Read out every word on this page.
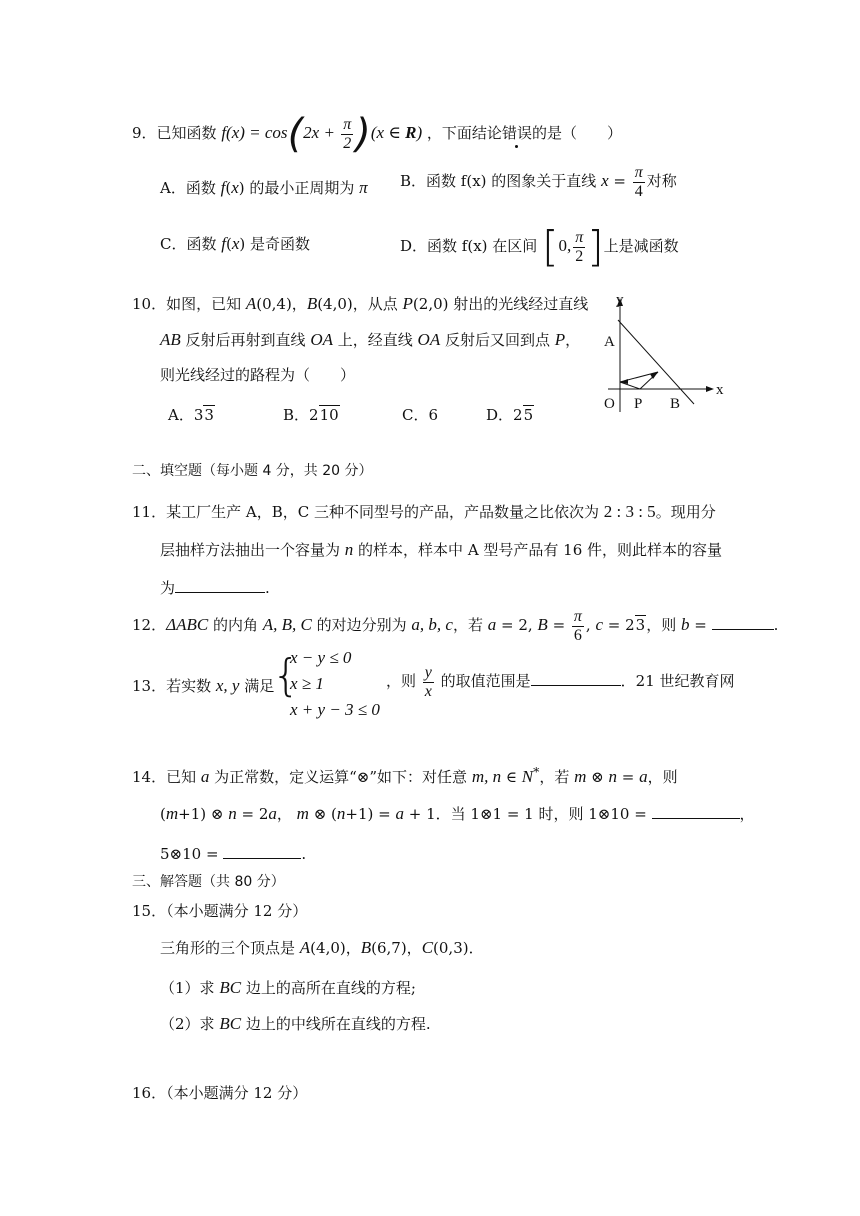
9．已知函数 $f(x) = \cos(2x + \frac{\pi}{2} )(x$ ∈ R) ，下面结论错误的是（　　）
A．函数 f(x) 的最小正周期为 π B．函数 f(x) 的图象关于直线 $x = \frac{\pi}{4}$ 对称
C．函数 f(x) 是奇函数	D．函数 f(x) 在区间 [0, $\frac{\pi}{2}$ ]上是减函数
10．如图，已知 A(0,4)，B(4,0)，从点 P(2,0) 射出的光线经过直线
AB 反射后再射到直线 OA 上，经直线 OA 反射后又回到点 P，
则光线经过的路程为（　　）
A．33	B．210	C．6	D．25
y
x
A
O P B
二、填空题（每小题 4 分，共 20 分）
11．某工厂生产 A，B，C 三种不同型号的产品，产品数量之比依次为 2 : 3 : 5。现用分
层抽样方法抽出一个容量为 n 的样本，样本中 A 型号产品有 16 件，则此样本的容量
为	.
12．ΔABC 的内角 A, B, C 的对边分别为 a, b, c，若 a = 2, $B = \frac{\pi}{6}$ , c = 23，则 b =	.
13．若实数 x, y 满足
{
x − y ≤ 0
x ≥ 1
x + y − 3 ≤ 0
，则 $\frac{y}{x}$ 的取值范围是	．21 世纪教育网
14．已知 a 为正常数，定义运算“⊗”如下：对任意 m, n ∈ N*，若 m ⊗ n = a，则
(m+1) ⊗ n = 2a， m ⊗ (n+1) = a + 1．当 1⊗1 = 1 时，则 1⊗10 =	，
5⊗10 =	.
三、解答题（共 80 分）
15．（本小题满分 12 分）
三角形的三个顶点是 A(4,0)，B(6,7)，C(0,3)．
（1）求 BC 边上的高所在直线的方程;
（2）求 BC 边上的中线所在直线的方程.
16．（本小题满分 12 分）
